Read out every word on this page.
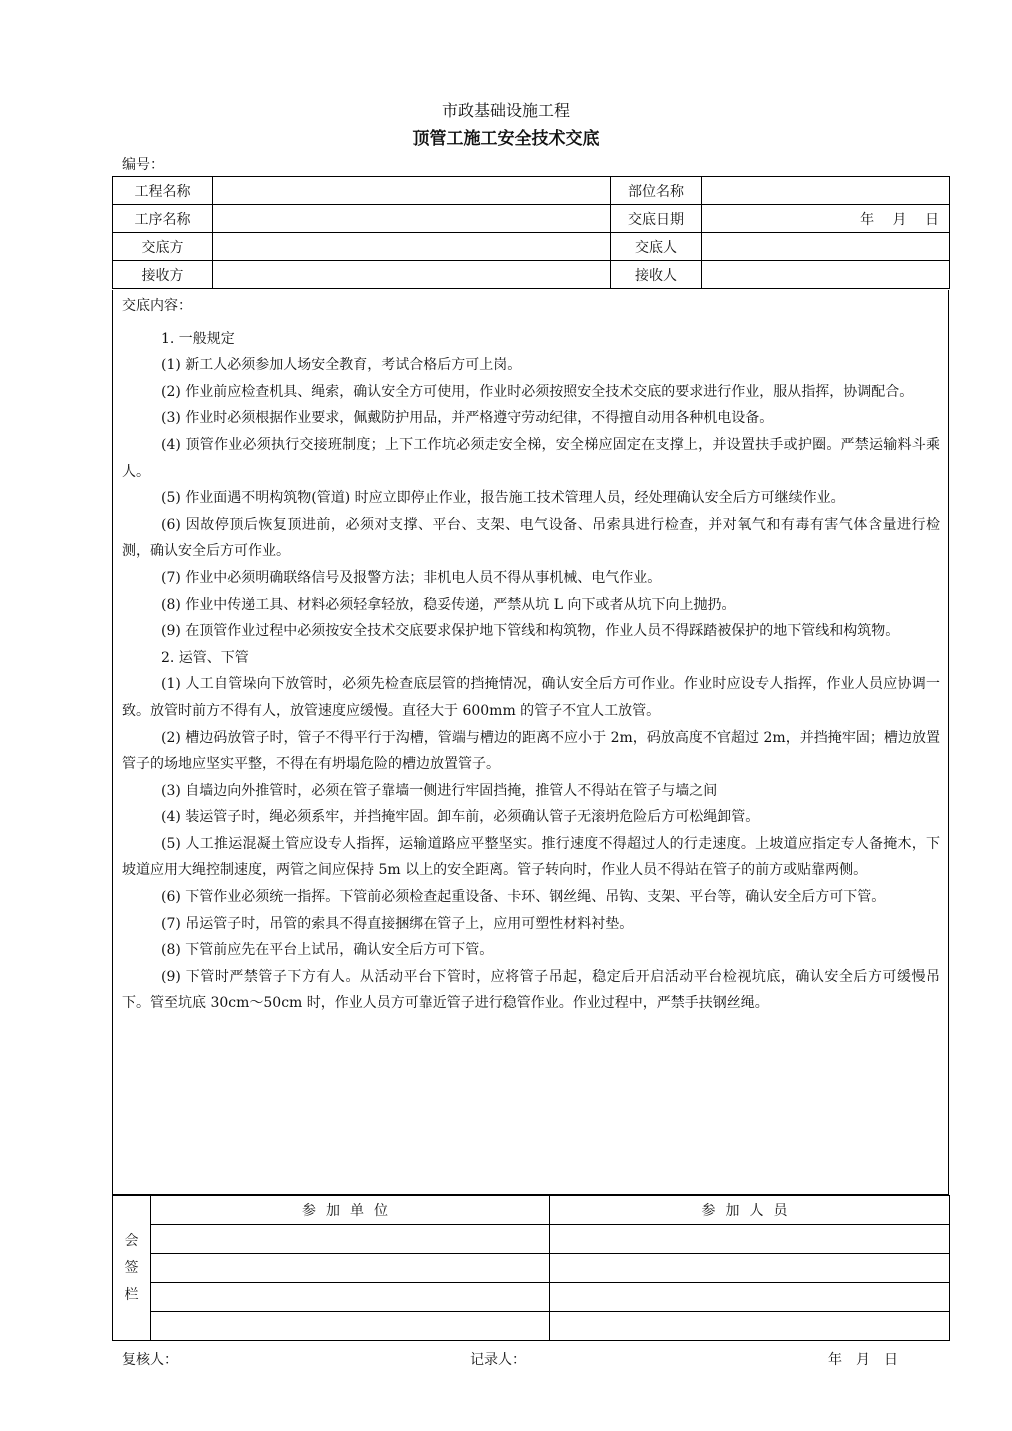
市政基础设施工程
顶管工施工安全技术交底
编号：
工程名称		部位名称	
工序名称		交底日期	年 月 日
交底方		交底人	
接收方		接收人	

交底内容：

1. 一般规定

(1) 新工人必须参加人场安全教育，考试合格后方可上岗。

(2) 作业前应检查机具、绳索，确认安全方可使用，作业时必须按照安全技术交底的要求进行作业，服从指挥，协调配合。

(3) 作业时必须根据作业要求，佩戴防护用品，并严格遵守劳动纪律，不得擅自动用各种机电设备。

(4) 顶管作业必须执行交接班制度；上下工作坑必须走安全梯，安全梯应固定在支撑上，并设置扶手或护圈。严禁运输料斗乘人。

(5) 作业面遇不明构筑物(管道) 时应立即停止作业，报告施工技术管理人员，经处理确认安全后方可继续作业。

(6) 因故停顶后恢复顶进前，必须对支撑、平台、支架、电气设备、吊索具进行检查，并对氧气和有毒有害气体含量进行检测，确认安全后方可作业。

(7) 作业中必须明确联络信号及报警方法；非机电人员不得从事机械、电气作业。

(8) 作业中传递工具、材料必须轻拿轻放，稳妥传递，严禁从坑 L 向下或者从坑下向上抛扔。

(9) 在顶管作业过程中必须按安全技术交底要求保护地下管线和构筑物，作业人员不得踩踏被保护的地下管线和构筑物。

2. 运管、下管

(1) 人工自管垛向下放管时，必须先检查底层管的挡掩情况，确认安全后方可作业。作业时应设专人指挥，作业人员应协调一致。放管时前方不得有人，放管速度应缓慢。直径大于 600mm 的管子不宜人工放管。

(2) 槽边码放管子时，管子不得平行于沟槽，管端与槽边的距离不应小于 2m，码放高度不官超过 2m，并挡掩牢固；槽边放置管子的场地应坚实平整，不得在有坍塌危险的槽边放置管子。

(3) 自墙边向外推管时，必须在管子靠墙一侧进行牢固挡掩，推管人不得站在管子与墙之间

(4) 装运管子时，绳必须系牢，并挡掩牢固。卸车前，必须确认管子无滚坍危险后方可松绳卸管。

(5) 人工推运混凝土管应设专人指挥，运输道路应平整坚实。推行速度不得超过人的行走速度。上坡道应指定专人备掩木，下坡道应用大绳控制速度，两管之间应保持 5m 以上的安全距离。管子转向时，作业人员不得站在管子的前方或贴靠两侧。

(6) 下管作业必须统一指挥。下管前必须检查起重设备、卡环、钢丝绳、吊钩、支架、平台等，确认安全后方可下管。

(7) 吊运管子时，吊管的索具不得直接捆绑在管子上，应用可塑性材料衬垫。

(8) 下管前应先在平台上试吊，确认安全后方可下管。

(9) 下管时严禁管子下方有人。从活动平台下管时，应将管子吊起，稳定后开启活动平台检视坑底，确认安全后方可缓慢吊下。管至坑底 30cm～50cm 时，作业人员方可靠近管子进行稳管作业。作业过程中，严禁手扶钢丝绳。

会
签
栏	参加单位	参加人员

复核人：	记录人：	年　月　日
